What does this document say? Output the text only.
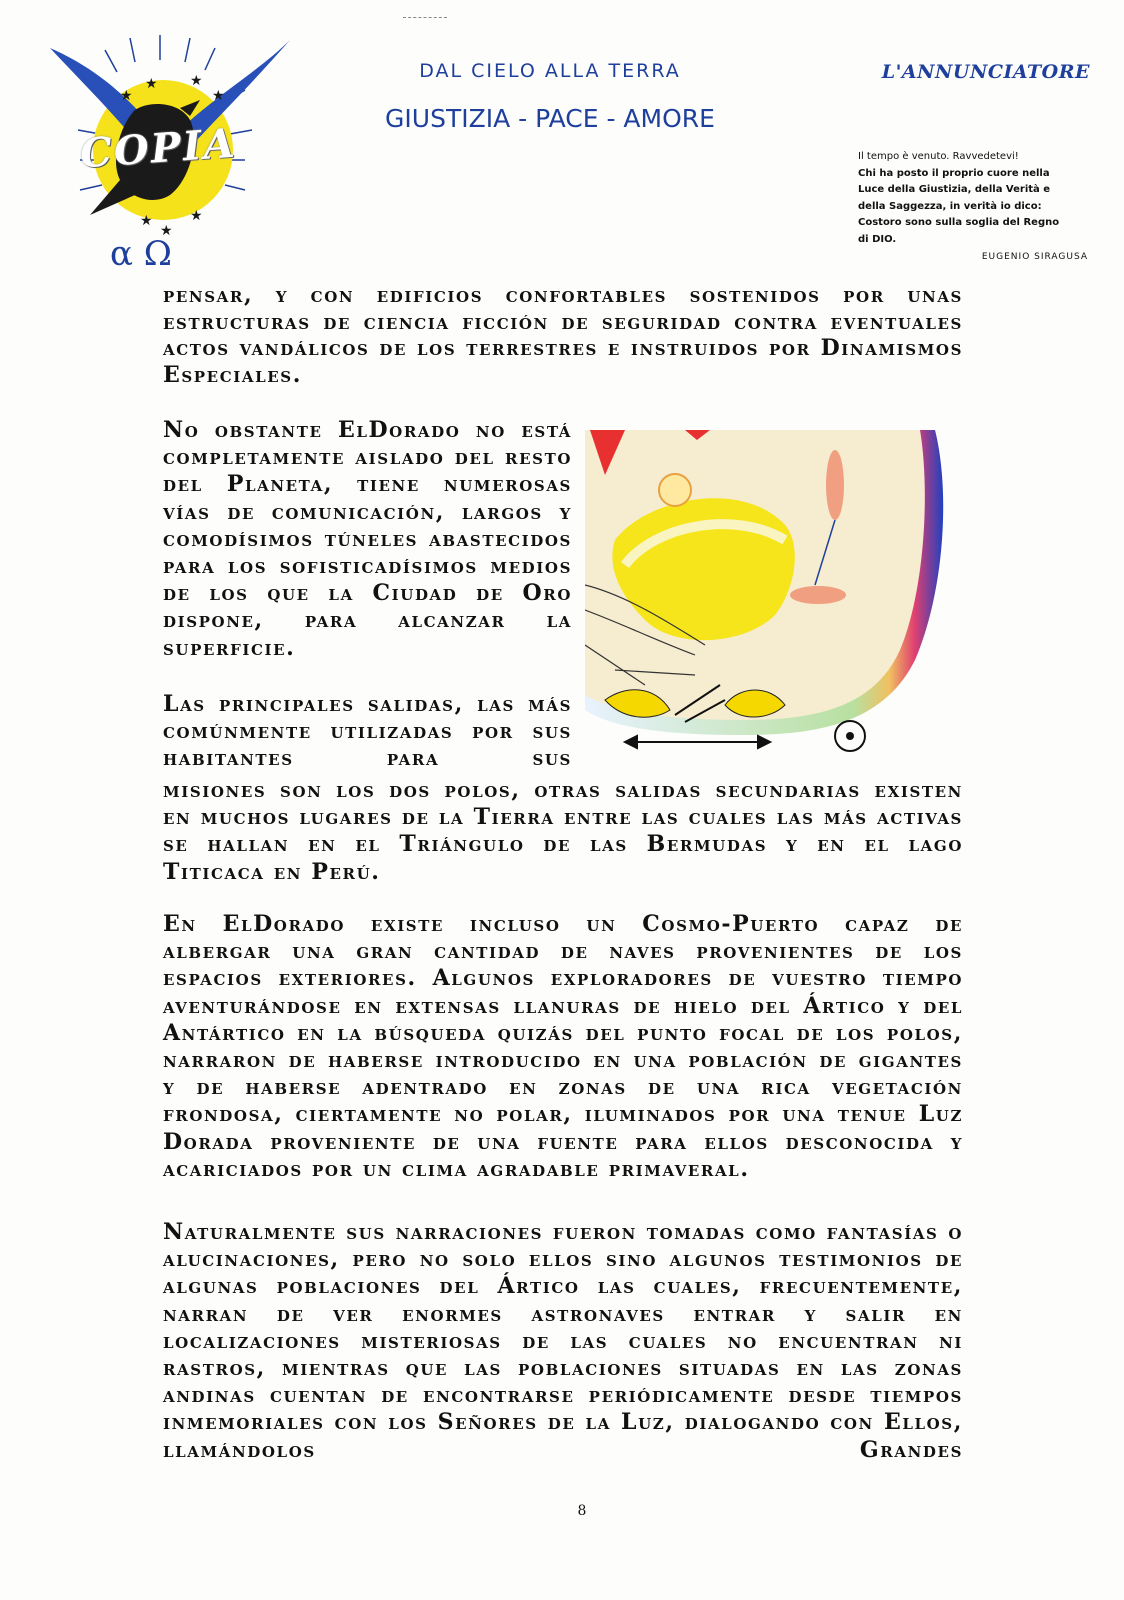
★
★ ★
★
★	★
★
α Ω
COPIA
DAL CIELO ALLA TERRA
GIUSTIZIA - PACE - AMORE
L'ANNUNCIATORE
Il tempo è venuto. Ravvedetevi!
Chi ha posto il proprio cuore nella
Luce della Giustizia, della Verità e
della Saggezza, in verità io dico:
Costoro sono sulla soglia del Regno
di DIO.
EUGENIO SIRAGUSA
pensar, y con edificios confortables sostenidos por unas estructuras de ciencia ficción de seguridad contra eventuales actos vandálicos de los terrestres e instruidos por Dinamismos Especiales.
No obstante ElDorado no está completamente aislado del resto del Planeta, tiene numerosas vías de comunicación, largos y comodísimos túneles abastecidos para los sofisticadísimos medios de los que la Ciudad de Oro dispone, para alcanzar la superficie.
Las principales salidas, las más comúnmente utilizadas por sus habitantes para sus
misiones son los dos polos, otras salidas secundarias existen en muchos lugares de la Tierra entre las cuales las más activas se hallan en el Triángulo de las Bermudas y en el lago Titicaca en Perú.
En ElDorado existe incluso un Cosmo-Puerto capaz de albergar una gran cantidad de naves provenientes de los espacios exteriores. Algunos exploradores de vuestro tiempo aventurándose en extensas llanuras de hielo del Ártico y del Antártico en la búsqueda quizás del punto focal de los polos, narraron de haberse introducido en una población de gigantes y de haberse adentrado en zonas de una rica vegetación frondosa, ciertamente no polar, iluminados por una tenue Luz Dorada proveniente de una fuente para ellos desconocida y acariciados por un clima agradable primaveral.
Naturalmente sus narraciones fueron tomadas como fantasías o alucinaciones, pero no solo ellos sino algunos testimonios de algunas poblaciones del Ártico las cuales, frecuentemente, narran de ver enormes astronaves entrar y salir en localizaciones misteriosas de las cuales no encuentran ni rastros, mientras que las poblaciones situadas en las zonas andinas cuentan de encontrarse periódicamente desde tiempos inmemoriales con los Señores de la Luz, dialogando con Ellos, llamándolos Grandes
8
